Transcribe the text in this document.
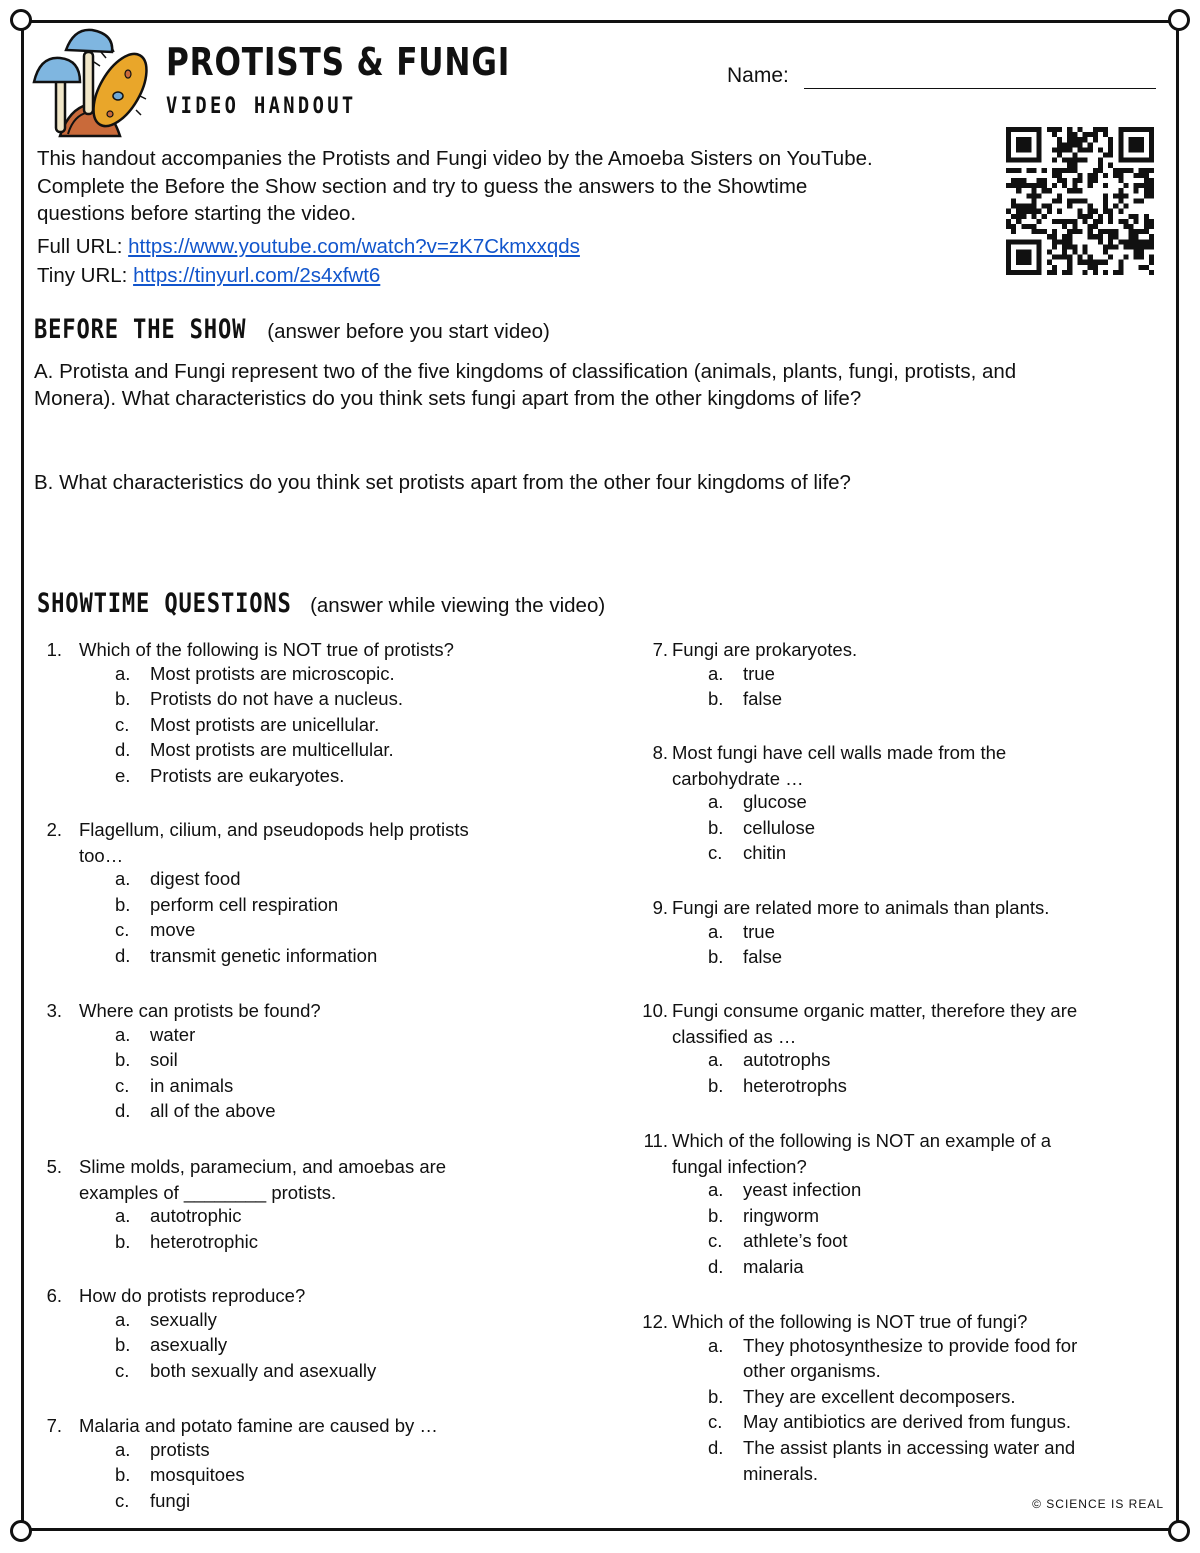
PROTISTS & FUNGI
VIDEO HANDOUT
Name:
This handout accompanies the Protists and Fungi video by the Amoeba Sisters on YouTube.
Complete the Before the Show section and try to guess the answers to the Showtime
questions before starting the video.
Full URL: https://www.youtube.com/watch?v=zK7Ckmxxqds
Tiny URL: https://tinyurl.com/2s4xfwt6
BEFORE THE SHOW (answer before you start video)
A. Protista and Fungi represent two of the five kingdoms of classification (animals, plants, fungi, protists, and
Monera). What characteristics do you think sets fungi apart from the other kingdoms of life?
B. What characteristics do you think set protists apart from the other four kingdoms of life?
SHOWTIME QUESTIONS (answer while viewing the video)
1. Which of the following is NOT true of protists?
a. Most protists are microscopic.
b. Protists do not have a nucleus.
c. Most protists are unicellular.
d. Most protists are multicellular.
e. Protists are eukaryotes.
2. Flagellum, cilium, and pseudopods help protists
too…
a. digest food
b. perform cell respiration
c. move
d. transmit genetic information
3. Where can protists be found?
a. water
b. soil
c. in animals
d. all of the above
5. Slime molds, paramecium, and amoebas are
examples of ________ protists.
a. autotrophic
b. heterotrophic
6. How do protists reproduce?
a. sexually
b. asexually
c. both sexually and asexually
7. Malaria and potato famine are caused by …
a. protists
b. mosquitoes
c. fungi
7. Fungi are prokaryotes.
a. true
b. false
8. Most fungi have cell walls made from the
carbohydrate …
a. glucose
b. cellulose
c. chitin
9. Fungi are related more to animals than plants.
a. true
b. false
10. Fungi consume organic matter, therefore they are
classified as …
a. autotrophs
b. heterotrophs
11. Which of the following is NOT an example of a
fungal infection?
a. yeast infection
b. ringworm
c. athlete’s foot
d. malaria
12. Which of the following is NOT true of fungi?
a. They photosynthesize to provide food for
other organisms.
b. They are excellent decomposers.
c. May antibiotics are derived from fungus.
d. The assist plants in accessing water and
minerals.
© SCIENCE IS REAL
